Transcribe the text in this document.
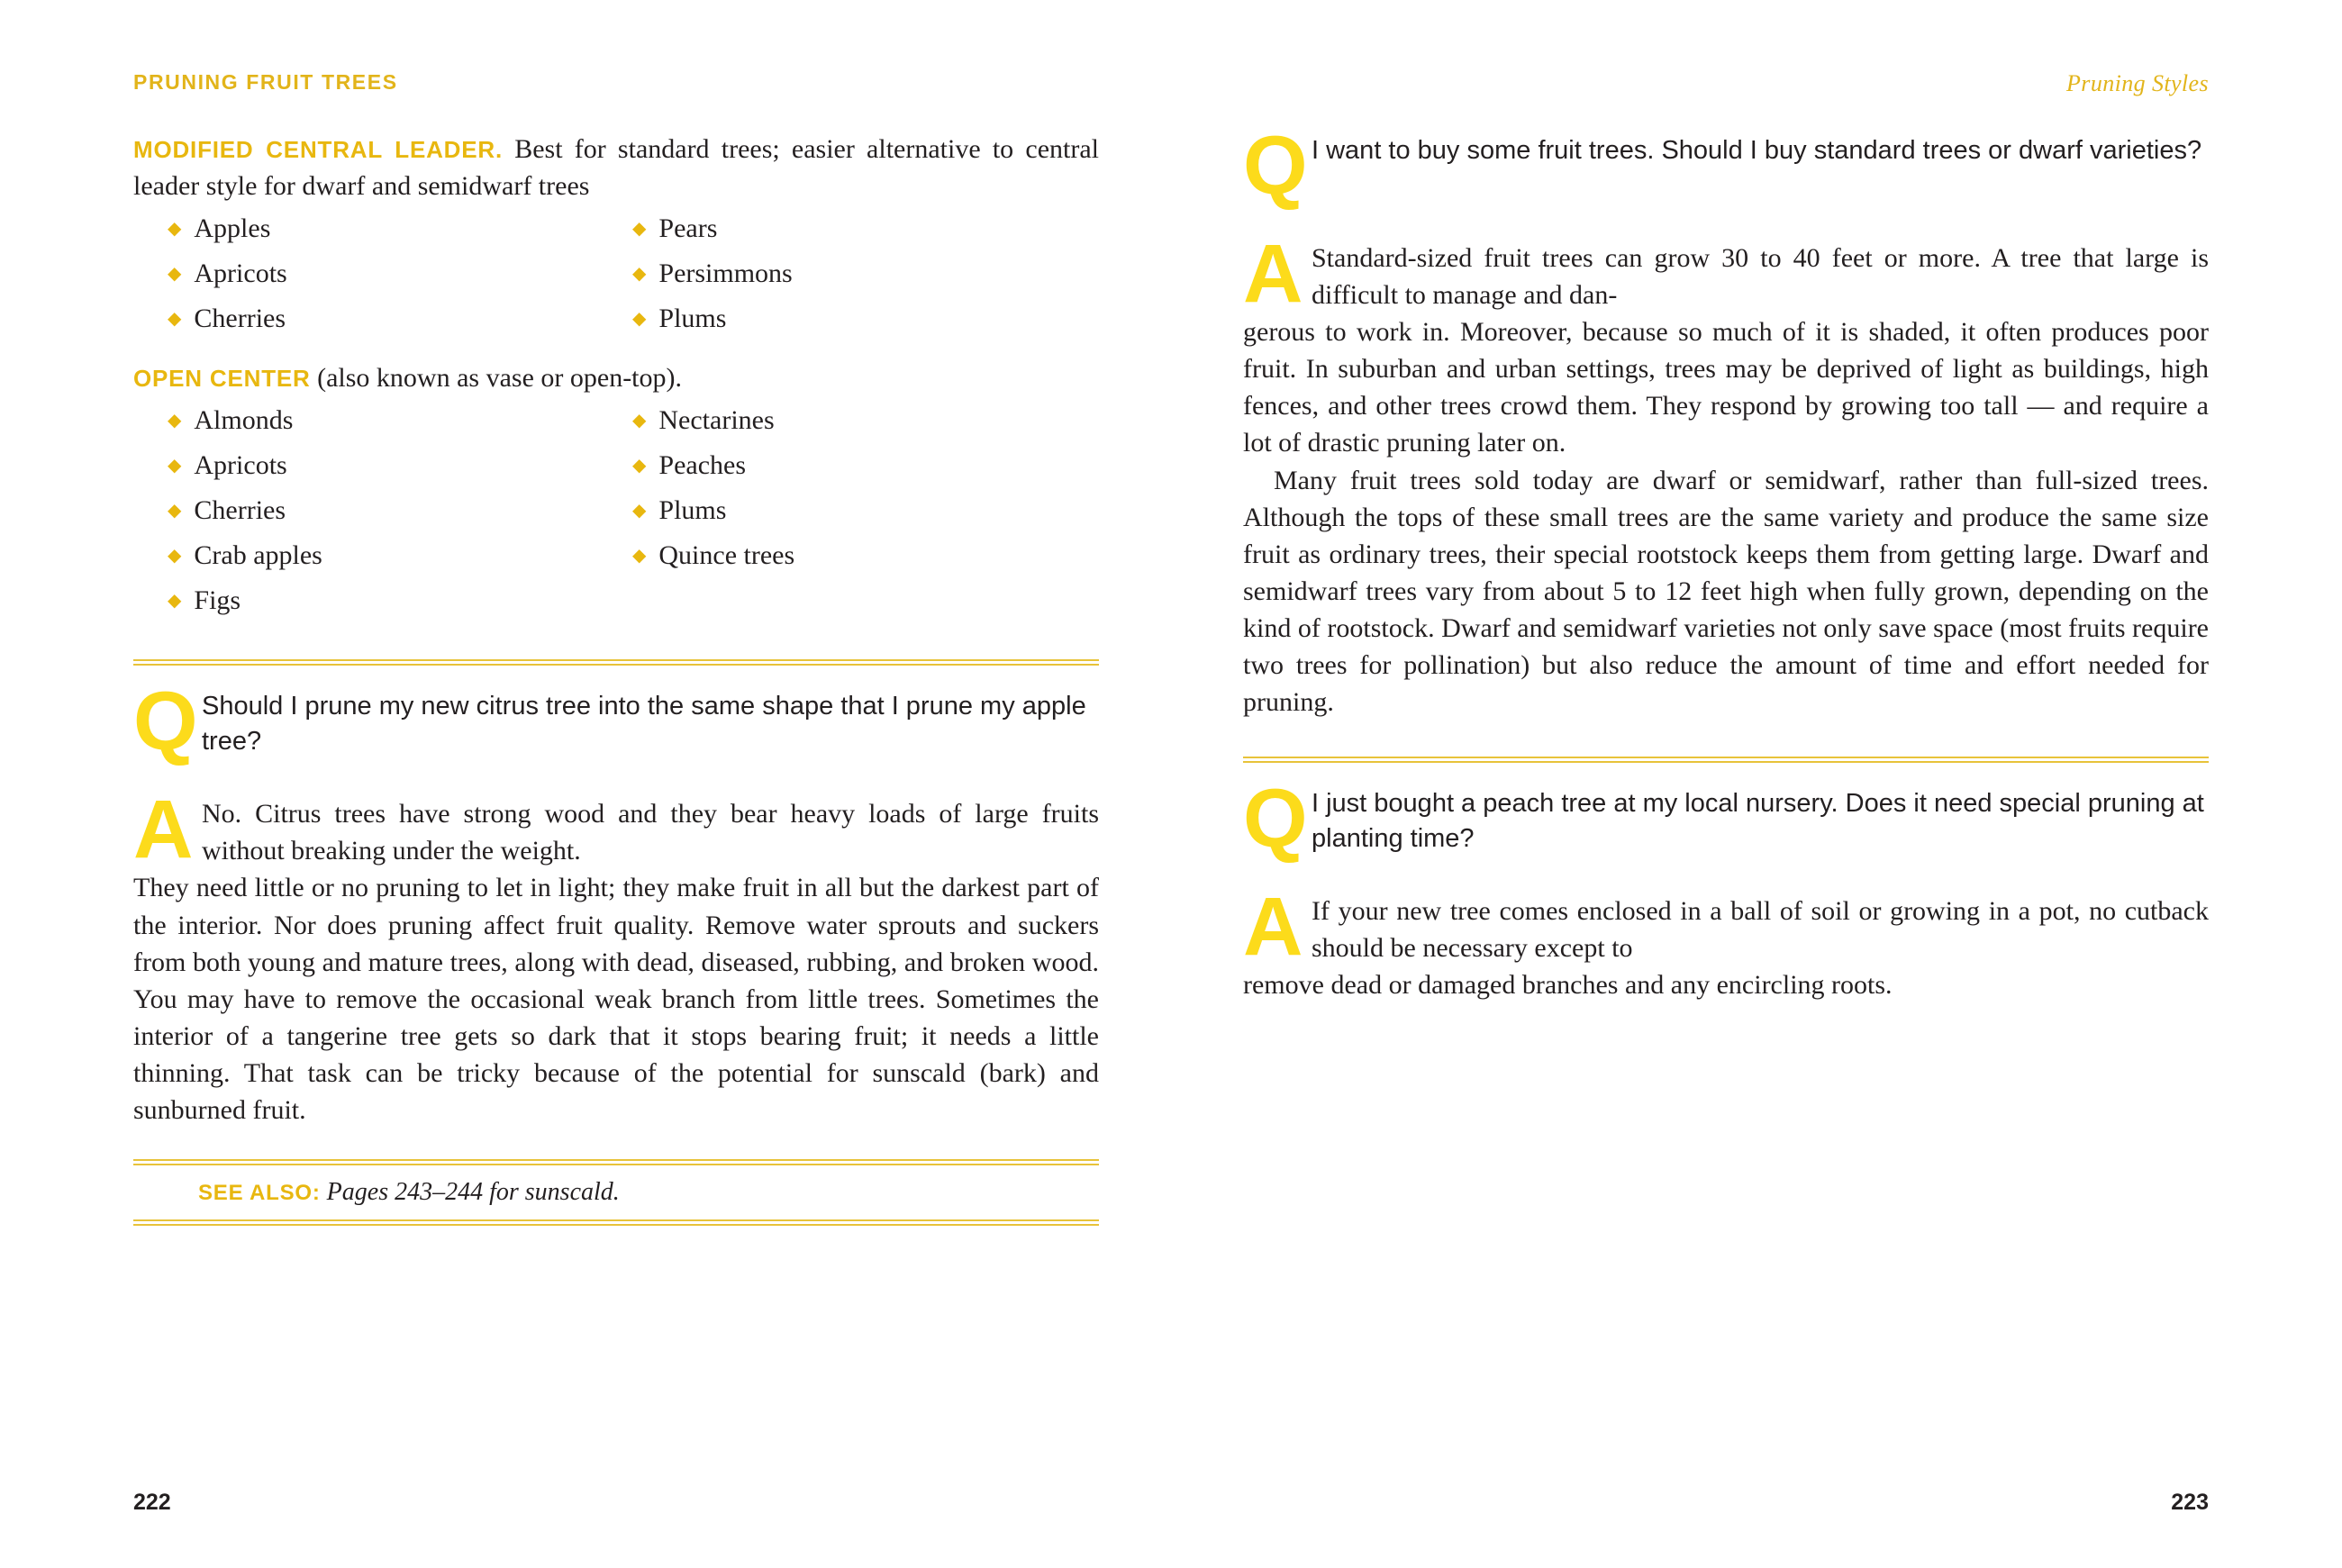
PRUNING FRUIT TREES

MODIFIED CENTRAL LEADER. Best for standard trees; easier alternative to central leader style for dwarf and semidwarf trees

◆ Apples
◆ Apricots
◆ Cherries
◆ Pears
◆ Persimmons
◆ Plums

OPEN CENTER (also known as vase or open-top).

◆ Almonds
◆ Apricots
◆ Cherries
◆ Crab apples
◆ Figs
◆ Nectarines
◆ Peaches
◆ Plums
◆ Quince trees
Q Should I prune my new citrus tree into the same shape that I prune my apple tree?

A No. Citrus trees have strong wood and they bear heavy loads of large fruits without breaking under the weight.
They need little or no pruning to let in light; they make fruit in all but the darkest part of the interior. Nor does pruning affect fruit quality. Remove water sprouts and suckers from both young and mature trees, along with dead, diseased, rubbing, and broken wood. You may have to remove the occasional weak branch from little trees. Sometimes the interior of a tangerine tree gets so dark that it stops bearing fruit; it needs a little thinning. That task can be tricky because of the potential for sunscald (bark) and sunburned fruit.

SEE ALSO: Pages 243–244 for sunscald.
222
Pruning Styles
Q I want to buy some fruit trees. Should I buy standard trees or dwarf varieties?

A Standard-sized fruit trees can grow 30 to 40 feet or more. A tree that large is difficult to manage and dan-
gerous to work in. Moreover, because so much of it is shaded, it often produces poor fruit. In suburban and urban settings, trees may be deprived of light as buildings, high fences, and other trees crowd them. They respond by growing too tall — and require a lot of drastic pruning later on.

Many fruit trees sold today are dwarf or semidwarf, rather than full-sized trees. Although the tops of these small trees are the same variety and produce the same size fruit as ordinary trees, their special rootstock keeps them from getting large. Dwarf and semidwarf trees vary from about 5 to 12 feet high when fully grown, depending on the kind of rootstock. Dwarf and semidwarf varieties not only save space (most fruits require two trees for pollination) but also reduce the amount of time and effort needed for pruning.

Q I just bought a peach tree at my local nursery. Does it need special pruning at planting time?

A If your new tree comes enclosed in a ball of soil or growing in a pot, no cutback should be necessary except to
remove dead or damaged branches and any encircling roots.

223
